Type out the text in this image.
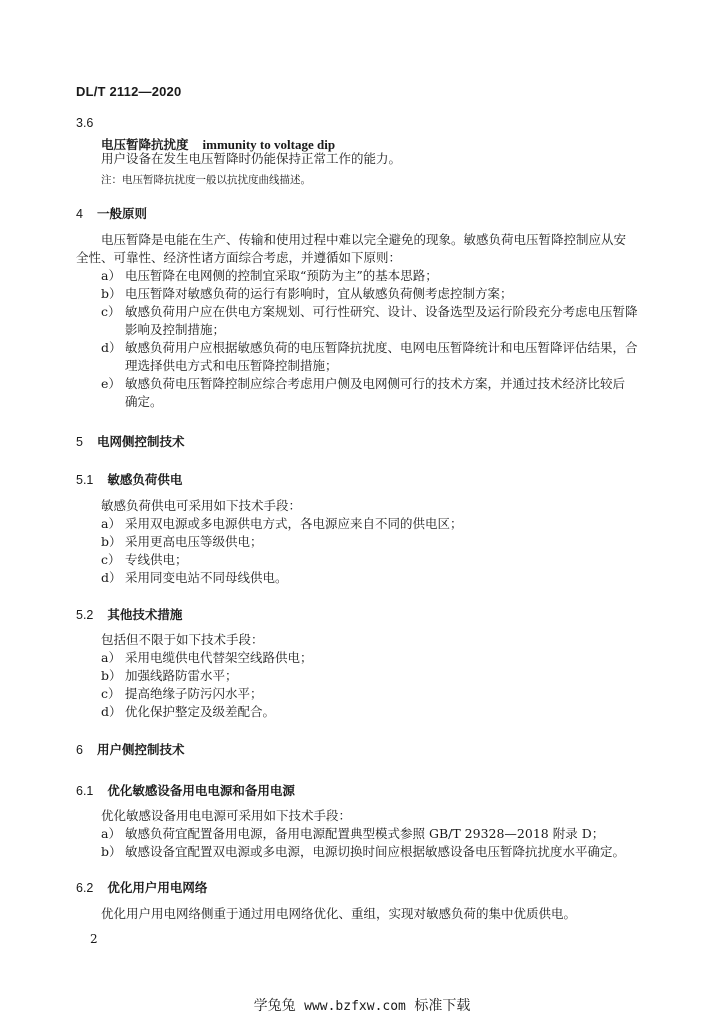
DL/T 2112—2020
3.6
电压暂降抗扰度 immunity to voltage dip
用户设备在发生电压暂降时仍能保持正常工作的能力。
注：电压暂降抗扰度一般以抗扰度曲线描述。
4 一般原则
电压暂降是电能在生产、传输和使用过程中难以完全避免的现象。敏感负荷电压暂降控制应从安
全性、可靠性、经济性诸方面综合考虑，并遵循如下原则：
a） 电压暂降在电网侧的控制宜采取“预防为主”的基本思路；
b） 电压暂降对敏感负荷的运行有影响时，宜从敏感负荷侧考虑控制方案；
c） 敏感负荷用户应在供电方案规划、可行性研究、设计、设备选型及运行阶段充分考虑电压暂降
影响及控制措施；
d） 敏感负荷用户应根据敏感负荷的电压暂降抗扰度、电网电压暂降统计和电压暂降评估结果，合
理选择供电方式和电压暂降控制措施；
e） 敏感负荷电压暂降控制应综合考虑用户侧及电网侧可行的技术方案，并通过技术经济比较后
确定。
5 电网侧控制技术
5.1 敏感负荷供电
敏感负荷供电可采用如下技术手段：
a） 采用双电源或多电源供电方式，各电源应来自不同的供电区；
b） 采用更高电压等级供电；
c） 专线供电；
d） 采用同变电站不同母线供电。
5.2 其他技术措施
包括但不限于如下技术手段：
a） 采用电缆供电代替架空线路供电；
b） 加强线路防雷水平；
c） 提高绝缘子防污闪水平；
d） 优化保护整定及级差配合。
6 用户侧控制技术
6.1 优化敏感设备用电电源和备用电源
优化敏感设备用电电源可采用如下技术手段：
a） 敏感负荷宜配置备用电源，备用电源配置典型模式参照 GB/T 29328—2018 附录 D；
b） 敏感设备宜配置双电源或多电源，电源切换时间应根据敏感设备电压暂降抗扰度水平确定。
6.2 优化用户用电网络
优化用户用电网络侧重于通过用电网络优化、重组，实现对敏感负荷的集中优质供电。
2
学兔兔 www.bzfxw.com 标准下载
